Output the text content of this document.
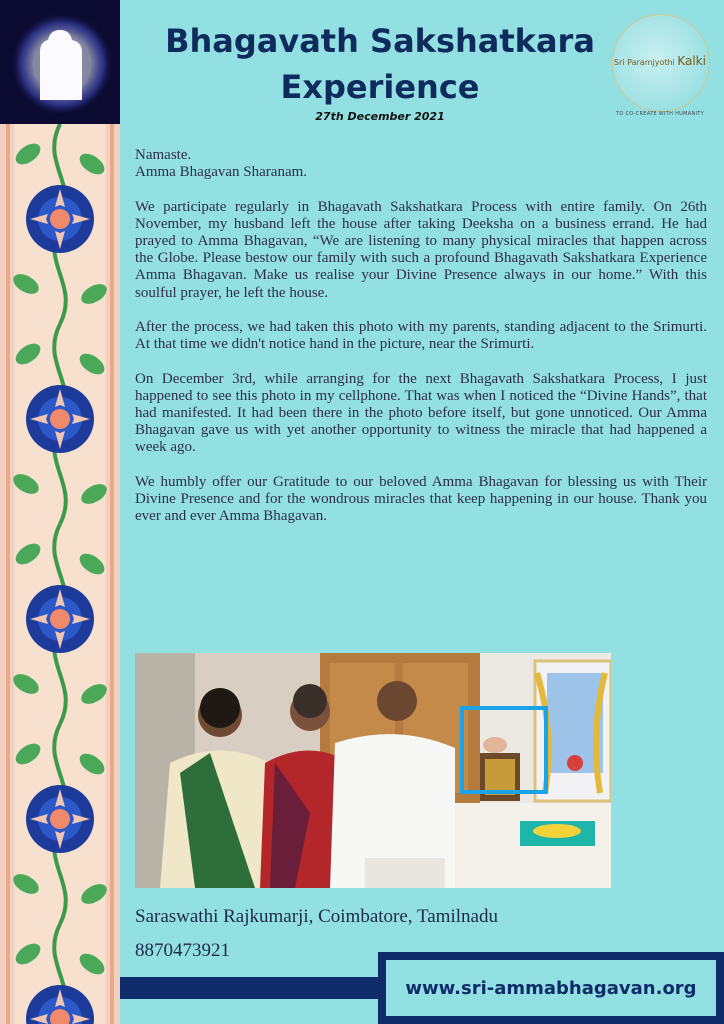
Bhagavath Sakshatkara
Experience
27th December 2021
Sri Paramjyothi Kalki
TO CO-CREATE WITH HUMANITY

Namaste.

Amma Bhagavan Sharanam.

We participate regularly in Bhagavath Sakshatkara Process with entire family. On 26th November, my husband left the house after taking Deeksha on a business errand. He had prayed to Amma Bhagavan, “We are listening to many physical miracles that happen across the Globe. Please bestow our family with such a profound Bhagavath Sakshatkara Experience Amma Bhagavan. Make us realise your Divine Presence always in our home.” With this soulful prayer, he left the house.

After the process, we had taken this photo with my parents, standing adjacent to the Srimurti. At that time we didn't notice hand in the picture, near the Srimurti.

On December 3rd, while arranging for the next Bhagavath Sakshatkara Process, I just happened to see this photo in my cellphone. That was when I noticed the “Divine Hands”, that had manifested. It had been there in the photo before itself, but gone unnoticed. Our Amma Bhagavan gave us with yet another opportunity to witness the miracle that had happened a week ago.

We humbly offer our Gratitude to our beloved Amma Bhagavan for blessing us with Their Divine Presence and for the wondrous miracles that keep happening in our house. Thank you ever and ever Amma Bhagavan.

Saraswathi Rajkumarji, Coimbatore, Tamilnadu
8870473921
www.sri-ammabhagavan.org
